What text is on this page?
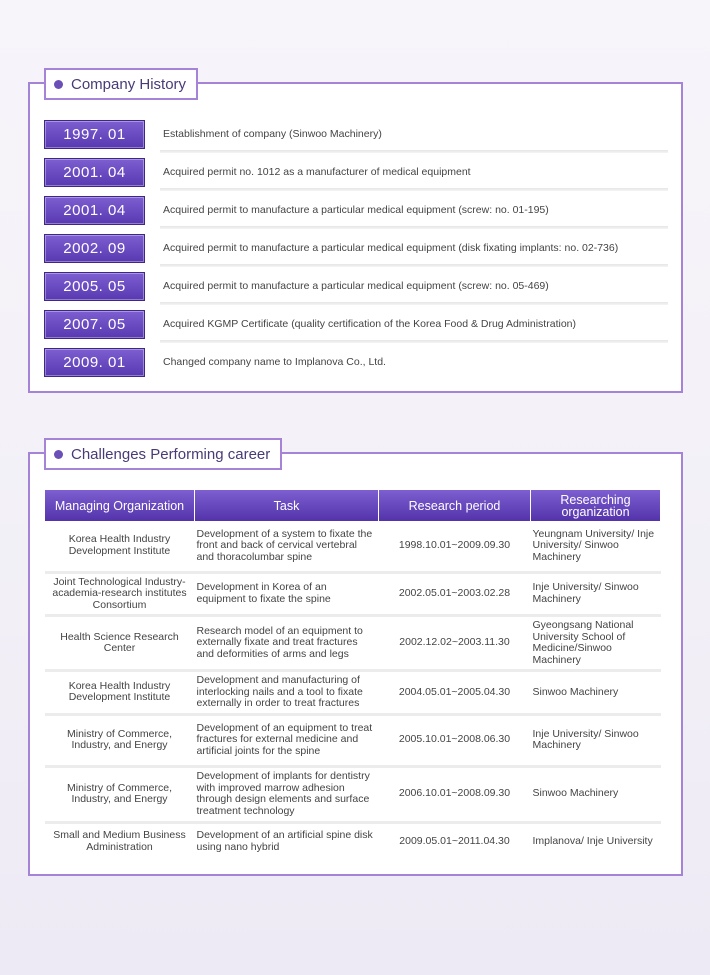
Company History
1997. 01	Establishment of company (Sinwoo Machinery)
2001. 04	Acquired permit no. 1012 as a manufacturer of medical equipment
2001. 04	Acquired permit to manufacture a particular medical equipment (screw: no. 01-195)
2002. 09	Acquired permit to manufacture a particular medical equipment (disk fixating implants: no. 02-736)
2005. 05	Acquired permit to manufacture a particular medical equipment (screw: no. 05-469)
2007. 05	Acquired KGMP Certificate (quality certification of the Korea Food & Drug Administration)
2009. 01	Changed company name to Implanova Co., Ltd.
Challenges Performing career
Managing Organization	Task	Research period	Researching organization
Korea Health Industry Development Institute	Development of a system to fixate the front and back of cervical vertebral and thoracolumbar spine	1998.10.01~2009.09.30	Yeungnam University/ Inje University/ Sinwoo Machinery
Joint Technological Industry-academia-research institutes Consortium	Development in Korea of an equipment to fixate the spine	2002.05.01~2003.02.28	Inje University/ Sinwoo Machinery
Health Science Research Center	Research model of an equipment to externally fixate and treat fractures and deformities of arms and legs	2002.12.02~2003.11.30	Gyeongsang National University School of Medicine/Sinwoo Machinery
Korea Health Industry Development Institute	Development and manufacturing of interlocking nails and a tool to fixate externally in order to treat fractures	2004.05.01~2005.04.30	Sinwoo Machinery
Ministry of Commerce, Industry, and Energy	Development of an equipment to treat fractures for external medicine and artificial joints for the spine	2005.10.01~2008.06.30	Inje University/ Sinwoo Machinery
Ministry of Commerce, Industry, and Energy	Development of implants for dentistry with improved marrow adhesion through design elements and surface treatment technology	2006.10.01~2008.09.30	Sinwoo Machinery
Small and Medium Business Administration	Development of an artificial spine disk using nano hybrid	2009.05.01~2011.04.30	Implanova/ Inje University
